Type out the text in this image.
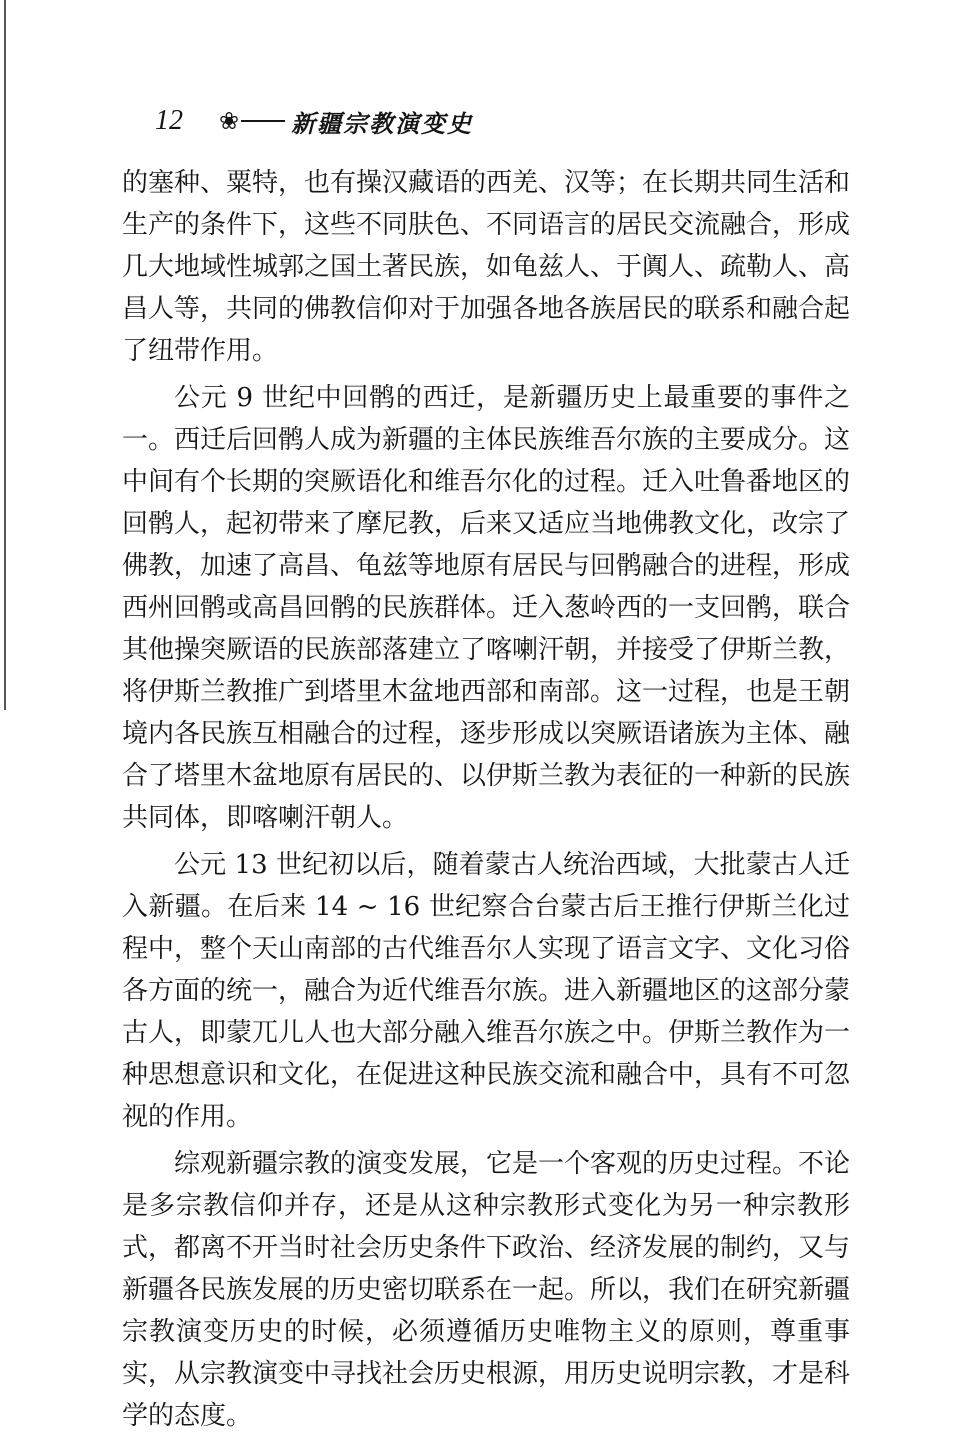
12 ❀ 新疆宗教演变史

的塞种、粟特，也有操汉藏语的西羌、汉等；在长期共同生活和生产的条件下，这些不同肤色、不同语言的居民交流融合，形成几大地域性城郭之国土著民族，如龟兹人、于阗人、疏勒人、高昌人等，共同的佛教信仰对于加强各地各族居民的联系和融合起了纽带作用。

公元 9 世纪中回鹘的西迁，是新疆历史上最重要的事件之一。西迁后回鹘人成为新疆的主体民族维吾尔族的主要成分。这中间有个长期的突厥语化和维吾尔化的过程。迁入吐鲁番地区的回鹘人，起初带来了摩尼教，后来又适应当地佛教文化，改宗了佛教，加速了高昌、龟兹等地原有居民与回鹘融合的进程，形成西州回鹘或高昌回鹘的民族群体。迁入葱岭西的一支回鹘，联合其他操突厥语的民族部落建立了喀喇汗朝，并接受了伊斯兰教，将伊斯兰教推广到塔里木盆地西部和南部。这一过程，也是王朝境内各民族互相融合的过程，逐步形成以突厥语诸族为主体、融合了塔里木盆地原有居民的、以伊斯兰教为表征的一种新的民族共同体，即喀喇汗朝人。

公元 13 世纪初以后，随着蒙古人统治西域，大批蒙古人迁入新疆。在后来 14 ~ 16 世纪察合台蒙古后王推行伊斯兰化过程中，整个天山南部的古代维吾尔人实现了语言文字、文化习俗各方面的统一，融合为近代维吾尔族。进入新疆地区的这部分蒙古人，即蒙兀儿人也大部分融入维吾尔族之中。伊斯兰教作为一种思想意识和文化，在促进这种民族交流和融合中，具有不可忽视的作用。

综观新疆宗教的演变发展，它是一个客观的历史过程。不论是多宗教信仰并存，还是从这种宗教形式变化为另一种宗教形式，都离不开当时社会历史条件下政治、经济发展的制约，又与新疆各民族发展的历史密切联系在一起。所以，我们在研究新疆宗教演变历史的时候，必须遵循历史唯物主义的原则，尊重事实，从宗教演变中寻找社会历史根源，用历史说明宗教，才是科学的态度。
